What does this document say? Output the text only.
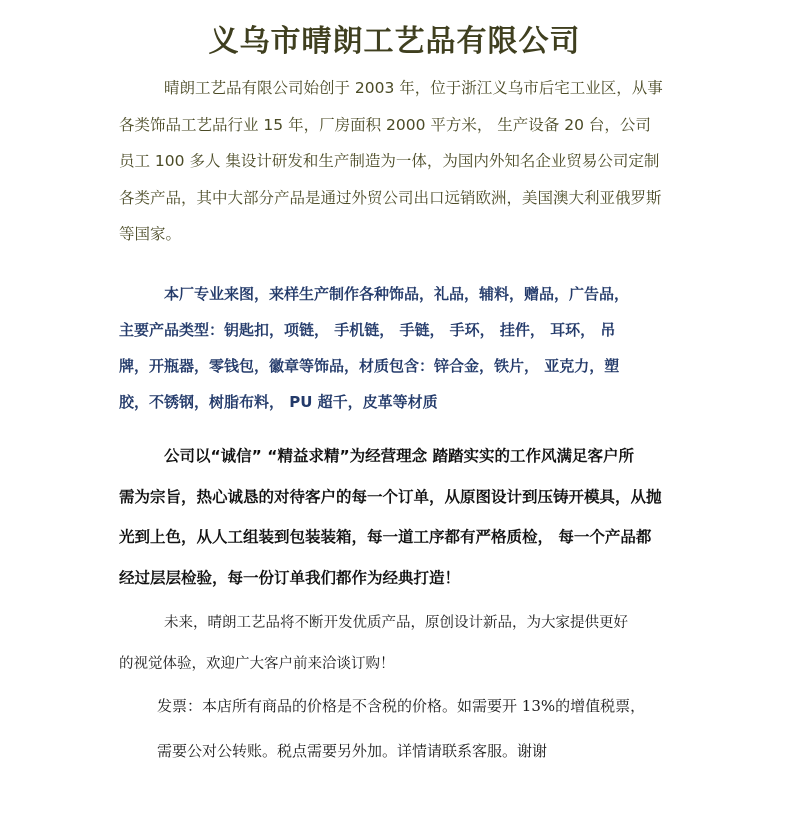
义乌市晴朗工艺品有限公司
晴朗工艺品有限公司始创于 2003 年，位于浙江义乌市后宅工业区，从事
各类饰品工艺品行业 15 年，厂房面积 2000 平方米， 生产设备 20 台，公司
员工 100 多人 集设计研发和生产制造为一体，为国内外知名企业贸易公司定制
各类产品，其中大部分产品是通过外贸公司出口远销欧洲，美国澳大利亚俄罗斯
等国家。
本厂专业来图，来样生产制作各种饰品，礼品，辅料，赠品，广告品，
主要产品类型：钥匙扣，项链， 手机链， 手链， 手环， 挂件， 耳环， 吊
牌，开瓶器，零钱包，徽章等饰品，材质包含：锌合金，铁片， 亚克力，塑
胶，不锈钢，树脂布料， PU 超千，皮革等材质
公司以“诚信” “精益求精”为经营理念 踏踏实实的工作风满足客户所
需为宗旨，热心诚恳的对待客户的每一个订单，从原图设计到压铸开模具，从抛
光到上色，从人工组装到包装装箱，每一道工序都有严格质检， 每一个产品都
经过层层检验，每一份订单我们都作为经典打造！
未来，晴朗工艺品将不断开发优质产品，原创设计新品，为大家提供更好
的视觉体验，欢迎广大客户前来洽谈订购！
发票：本店所有商品的价格是不含税的价格。如需要开 13%的增值税票，
需要公对公转账。税点需要另外加。详情请联系客服。谢谢
